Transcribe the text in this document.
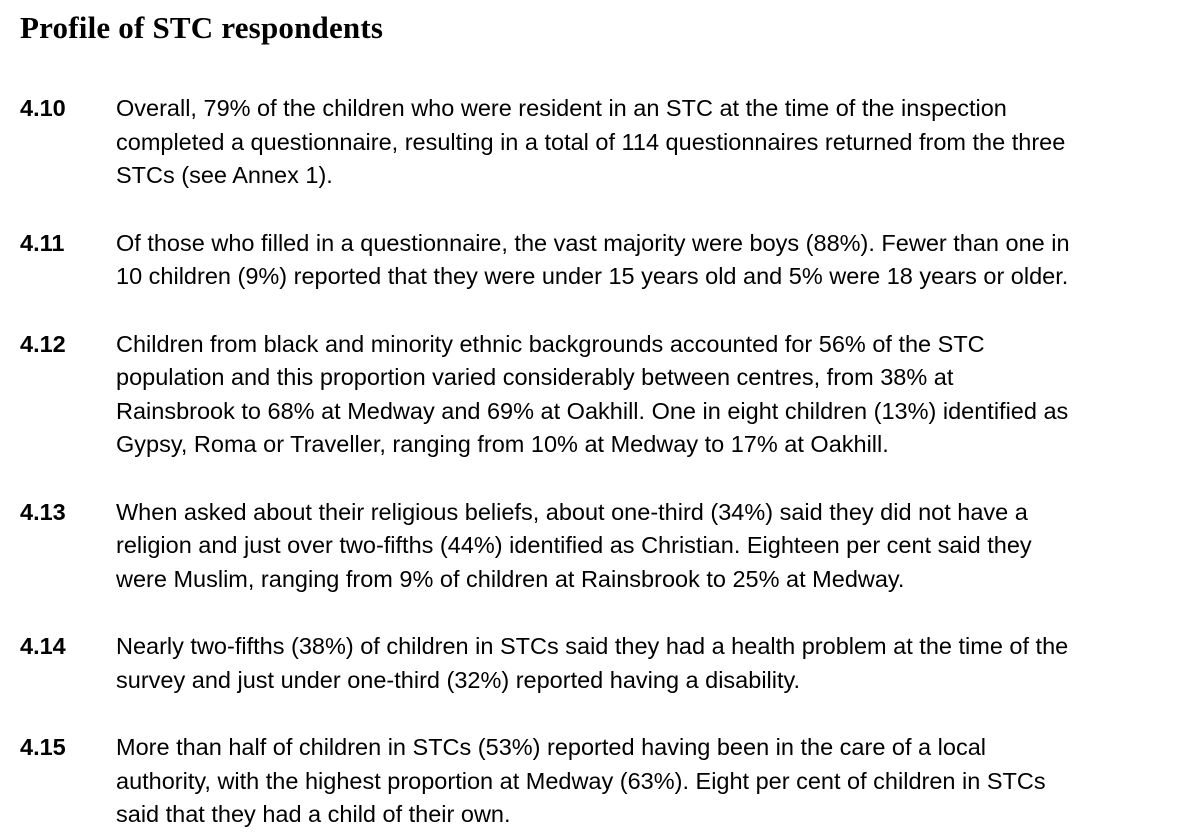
Profile of STC respondents
4.10	Overall, 79% of the children who were resident in an STC at the time of the inspection
completed a questionnaire, resulting in a total of 114 questionnaires returned from the three
STCs (see Annex 1).
4.11	Of those who filled in a questionnaire, the vast majority were boys (88%). Fewer than one in
10 children (9%) reported that they were under 15 years old and 5% were 18 years or older.
4.12	Children from black and minority ethnic backgrounds accounted for 56% of the STC
population and this proportion varied considerably between centres, from 38% at
Rainsbrook to 68% at Medway and 69% at Oakhill. One in eight children (13%) identified as
Gypsy, Roma or Traveller, ranging from 10% at Medway to 17% at Oakhill.
4.13	When asked about their religious beliefs, about one-third (34%) said they did not have a
religion and just over two-fifths (44%) identified as Christian. Eighteen per cent said they
were Muslim, ranging from 9% of children at Rainsbrook to 25% at Medway.
4.14	Nearly two-fifths (38%) of children in STCs said they had a health problem at the time of the
survey and just under one-third (32%) reported having a disability.
4.15	More than half of children in STCs (53%) reported having been in the care of a local
authority, with the highest proportion at Medway (63%). Eight per cent of children in STCs
said that they had a child of their own.
